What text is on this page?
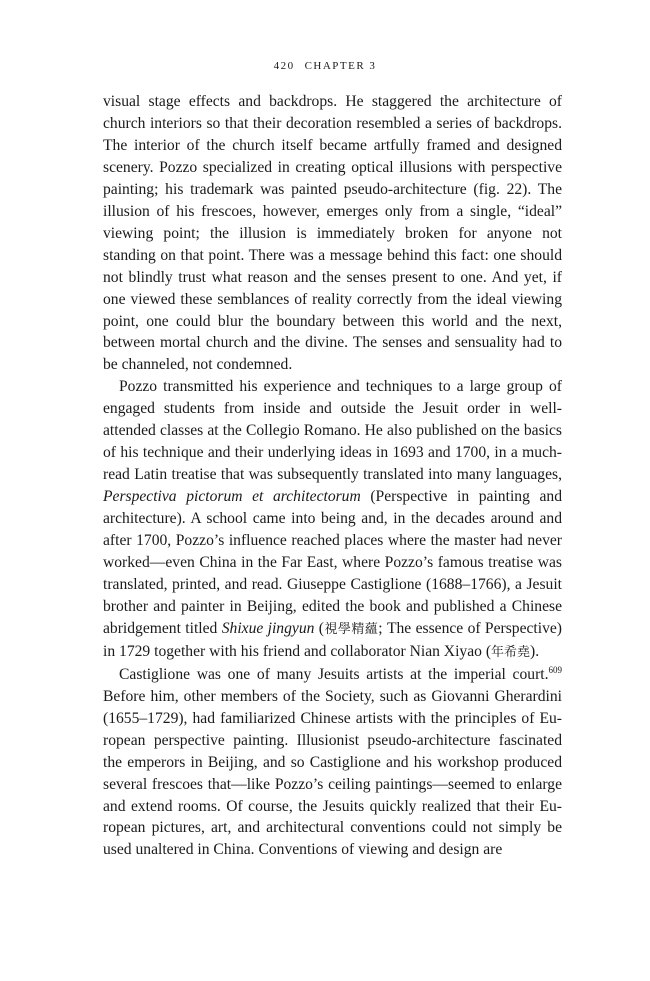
420 CHAPTER 3

visual stage effects and backdrops. He staggered the architecture of church interiors so that their decoration resembled a series of backdrops. The interior of the church itself became artfully framed and designed scenery. Pozzo specialized in creating optical illusions with perspective painting; his trademark was painted pseudo-architecture (fig. 22). The illusion of his frescoes, however, emerges only from a single, “ideal” viewing point; the illusion is immediately broken for anyone not standing on that point. There was a message behind this fact: one should not blindly trust what reason and the senses present to one. And yet, if one viewed these semblances of reality correctly from the ideal viewing point, one could blur the boundary between this world and the next, between mortal church and the divine. The senses and sensuality had to be channeled, not condemned.

Pozzo transmitted his experience and techniques to a large group of engaged students from inside and outside the Jesuit order in well-attended classes at the Collegio Romano. He also published on the basics of his technique and their underlying ideas in 1693 and 1700, in a much-read Latin treatise that was subsequently translated into many languages, Perspectiva pictorum et architectorum (Perspective in painting and architecture). A school came into being and, in the decades around and after 1700, Pozzo’s influence reached places where the master had never worked—even China in the Far East, where Pozzo’s famous treatise was translated, printed, and read. Giuseppe Castiglione (1688–1766), a Jesuit brother and painter in Beijing, edited the book and published a Chinese abridgement titled Shixue jingyun (視學精蘊; The essence of Perspective) in 1729 together with his friend and collaborator Nian Xiyao (年希堯).

Castiglione was one of many Jesuits artists at the imperial court.$^{609}$ Before him, other members of the Society, such as Giovanni Gherardini (1655–1729), had familiarized Chinese artists with the principles of European perspective painting. Illusionist pseudo-architecture fascinated the emperors in Beijing, and so Castiglione and his workshop produced several frescoes that—like Pozzo’s ceiling paintings—seemed to enlarge and extend rooms. Of course, the Jesuits quickly realized that their European pictures, art, and architectural conventions could not simply be used unaltered in China. Conventions of viewing and design are
